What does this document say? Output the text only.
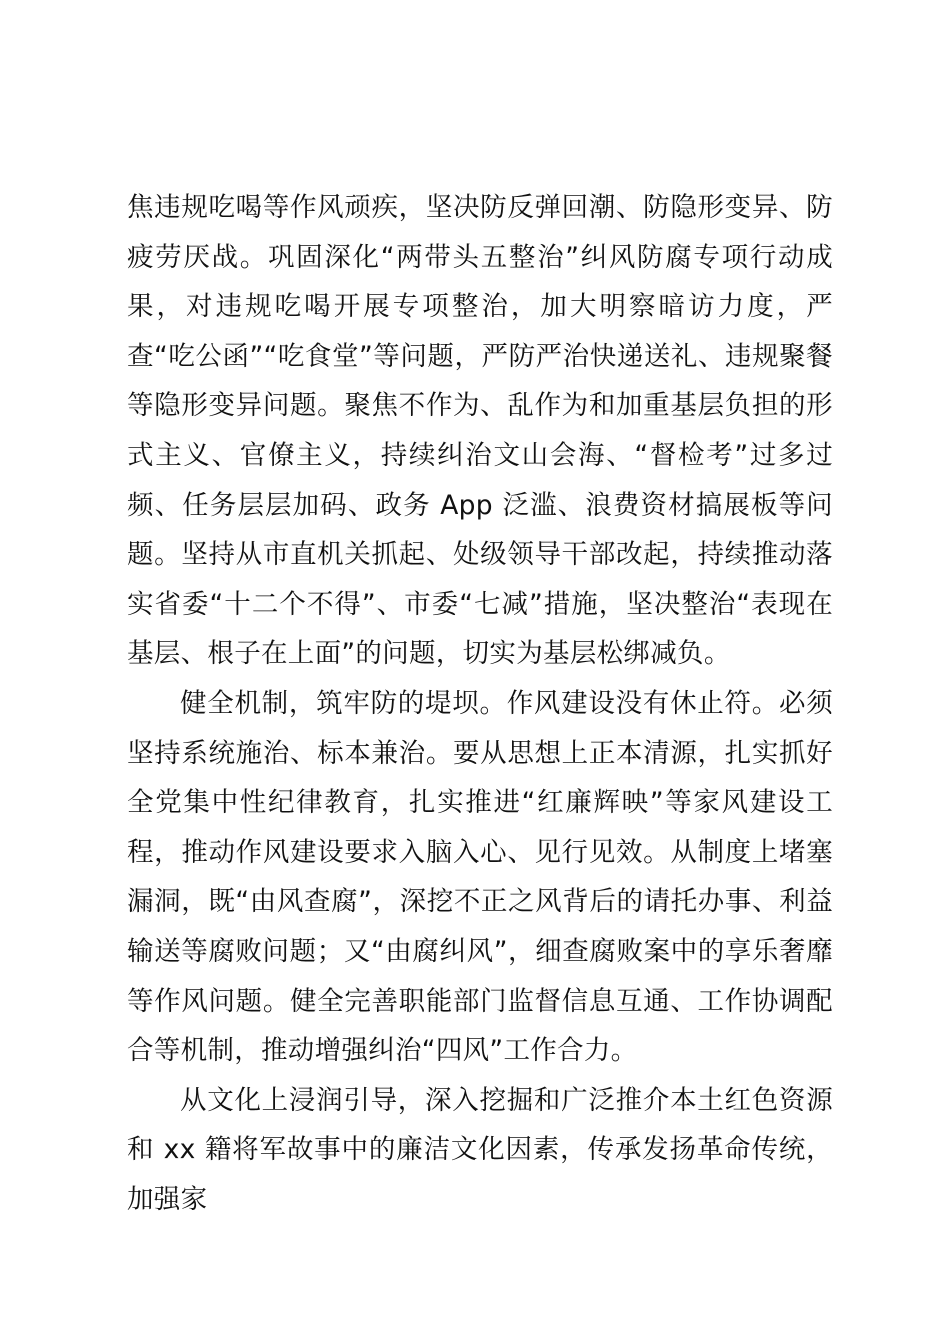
焦违规吃喝等作风顽疾，坚决防反弹回潮、防隐形变异、防疲劳厌战。巩固深化“两带头五整治”纠风防腐专项行动成果，对违规吃喝开展专项整治，加大明察暗访力度，严查“吃公函”“吃食堂”等问题，严防严治快递送礼、违规聚餐等隐形变异问题。聚焦不作为、乱作为和加重基层负担的形式主义、官僚主义，持续纠治文山会海、“督检考”过多过频、任务层层加码、政务 App 泛滥、浪费资材搞展板等问题。坚持从市直机关抓起、处级领导干部改起，持续推动落实省委“十二个不得”、市委“七减”措施，坚决整治“表现在基层、根子在上面”的问题，切实为基层松绑减负。

健全机制，筑牢防的堤坝。作风建设没有休止符。必须坚持系统施治、标本兼治。要从思想上正本清源，扎实抓好全党集中性纪律教育，扎实推进“红廉辉映”等家风建设工程，推动作风建设要求入脑入心、见行见效。从制度上堵塞漏洞，既“由风查腐”，深挖不正之风背后的请托办事、利益输送等腐败问题；又“由腐纠风”，细查腐败案中的享乐奢靡等作风问题。健全完善职能部门监督信息互通、工作协调配合等机制，推动增强纠治“四风”工作合力。

从文化上浸润引导，深入挖掘和广泛推介本土红色资源和 xx 籍将军故事中的廉洁文化因素，传承发扬革命传统，加强家
